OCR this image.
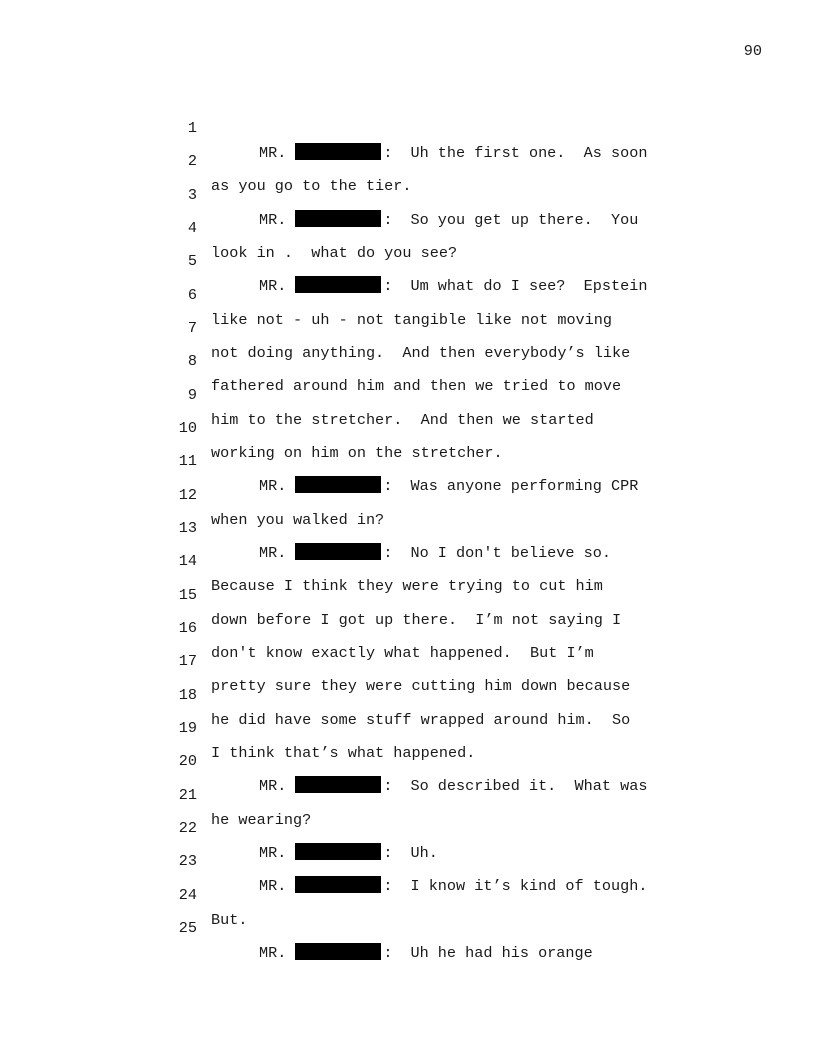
90

1

MR.	: Uh the first one.  As soon

2

as you go to the tier.

3

MR.	: So you get up there.  You

4

look in .  what do you see?

5

MR.	: Um what do I see?  Epstein

6

like not - uh - not tangible like not moving

7

not doing anything.  And then everybody’s like

8

fathered around him and then we tried to move

9

him to the stretcher.  And then we started

10

working on him on the stretcher.

11

MR.	: Was anyone performing CPR

12

when you walked in?

13

MR.	: No I don't believe so.

14

Because I think they were trying to cut him

15

down before I got up there.  I’m not saying I

16

don't know exactly what happened.  But I’m

17

pretty sure they were cutting him down because

18

he did have some stuff wrapped around him.  So

19

I think that’s what happened.

20

MR.	: So described it.  What was

21

he wearing?

22

MR.	: Uh.

23

MR.	: I know it’s kind of tough.

24

But.

25

MR.	: Uh he had his orange
